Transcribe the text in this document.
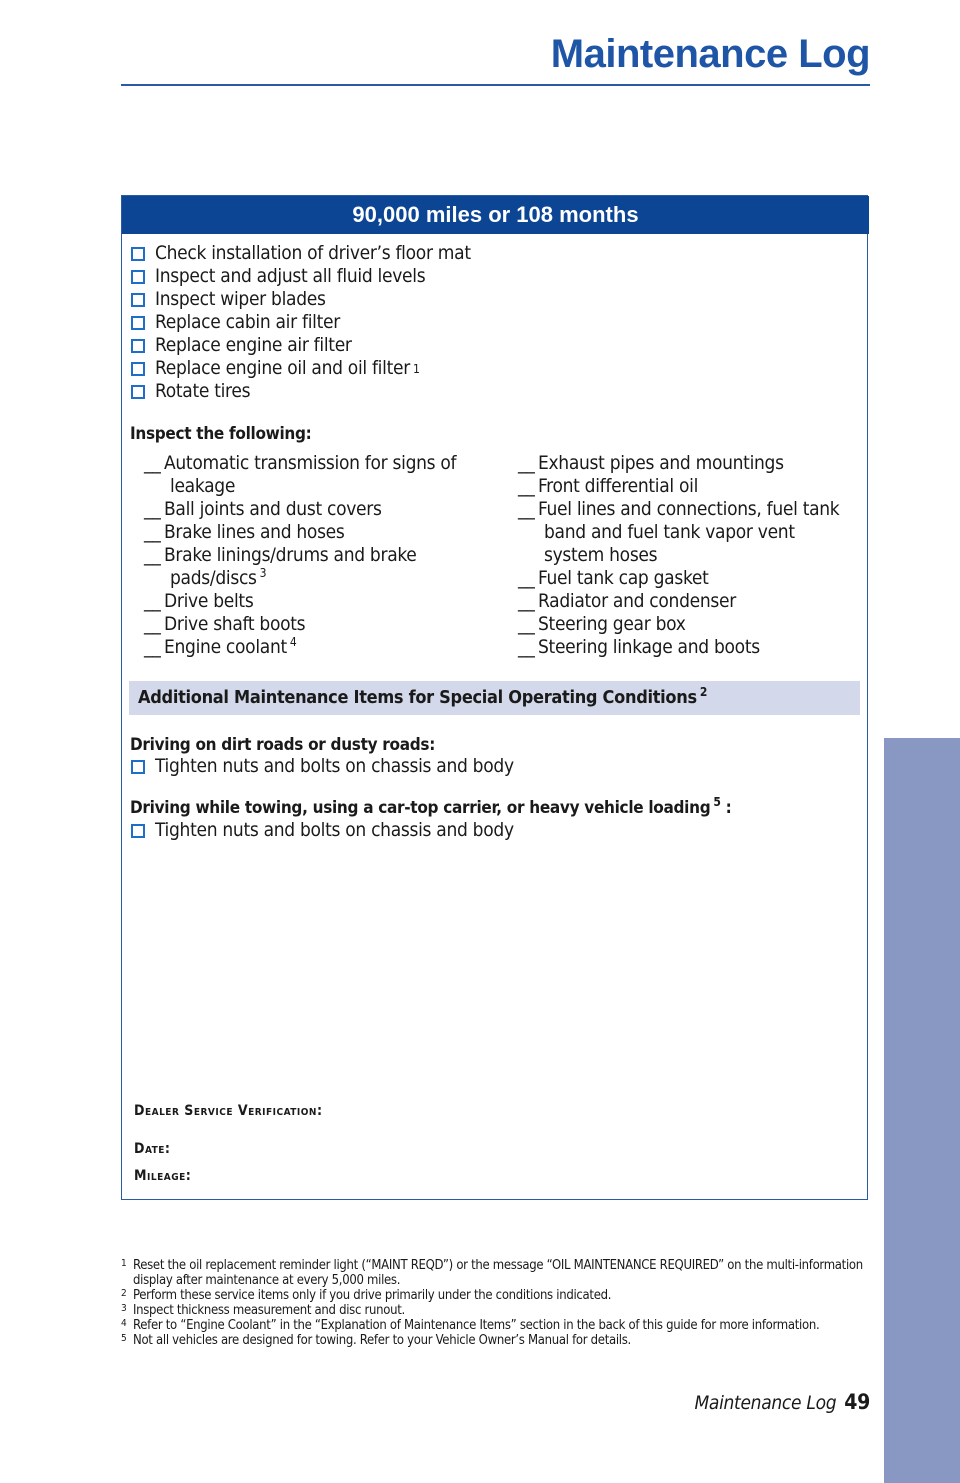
Maintenance Log
MAINTENANCE
90,000 miles or 108 months
Check installation of driver’s floor mat
Inspect and adjust all fluid levels
Inspect wiper blades
Replace cabin air filter
Replace engine air filter
Replace engine oil and oil filter 1
Rotate tires
Inspect the following:
__ Automatic transmission for signs of leakage
__ Ball joints and dust covers
__ Brake lines and hoses
__ Brake linings/drums and brake pads/discs $^3$
__ Drive belts
__ Drive shaft boots
__ Engine coolant $^4$
__ Exhaust pipes and mountings
__ Front differential oil
__ Fuel lines and connections, fuel tank band and fuel tank vapor vent system hoses
__ Fuel tank cap gasket
__ Radiator and condenser
__ Steering gear box
__ Steering linkage and boots
Additional Maintenance Items for Special Operating Conditions $^2$
Driving on dirt roads or dusty roads:
Tighten nuts and bolts on chassis and body
Driving while towing, using a car-top carrier, or heavy vehicle loading $^5$ :
Tighten nuts and bolts on chassis and body
Dealer Service Verification:
Date:
Mileage:
1 Reset the oil replacement reminder light (“MAINT REQD”) or the message “OIL MAINTENANCE REQUIRED” on the multi-information display after maintenance at every 5,000 miles.
2 Perform these service items only if you drive primarily under the conditions indicated.
3 Inspect thickness measurement and disc runout.
4 Refer to “Engine Coolant” in the “Explanation of Maintenance Items” section in the back of this guide for more information.
5 Not all vehicles are designed for towing. Refer to your Vehicle Owner’s Manual for details.
Maintenance Log 49
